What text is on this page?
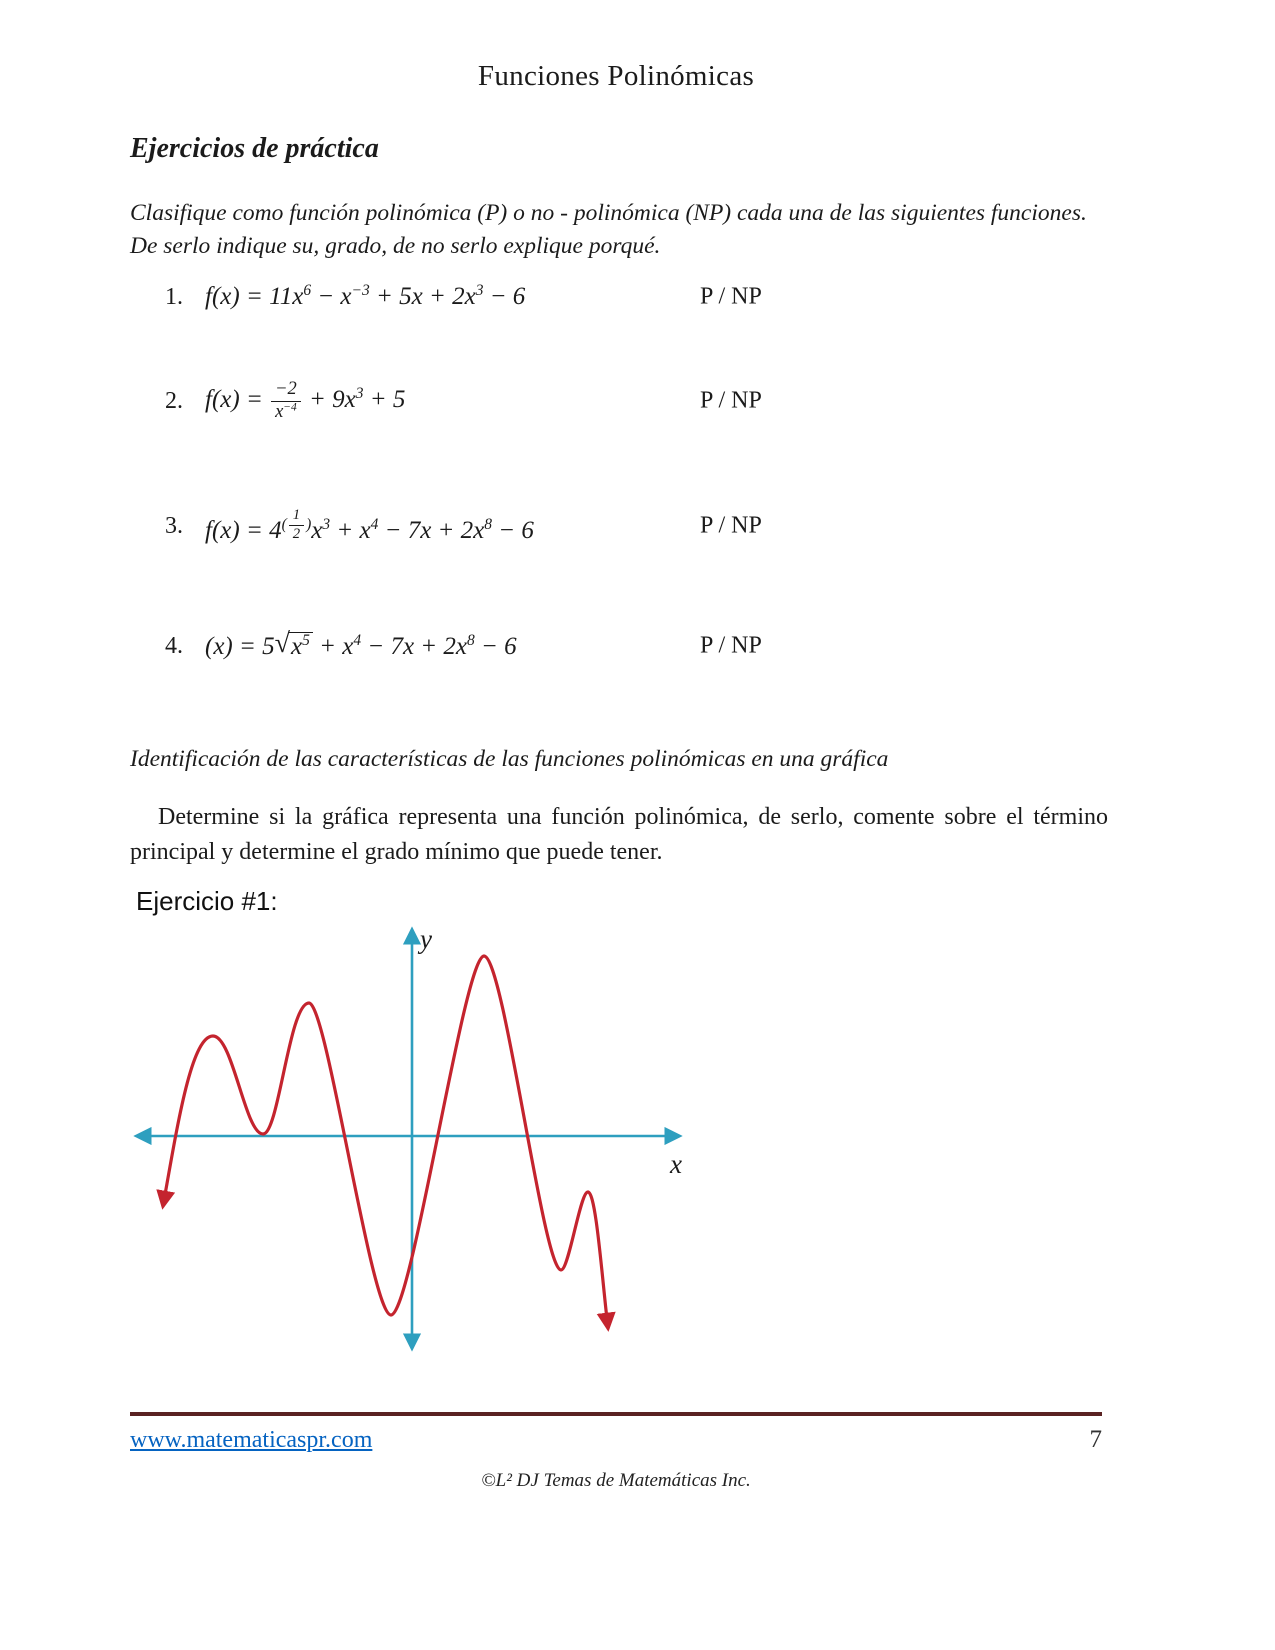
Funciones Polinómicas
Ejercicios de práctica
Clasifique como función polinómica (P) o no - polinómica (NP) cada una de las siguientes funciones.
De serlo indique su, grado, de no serlo explique porqué.
1. $f(x) = 11x^6 - x^{-3} + 5x + 2x^3 - 6$	P / NP
2. $f(x) = \frac{-2}{x^{-4}} + 9x^3 + 5$	P / NP
3. $f(x) = 4^{( \frac{1}{2} )}x^3 + x^4 - 7x + 2x^8 - 6$	P / NP
4. (x) = 5 √ $x^5 + x^4 - 7x + 2x^8 - 6$	P / NP
Identificación de las características de las funciones polinómicas en una gráfica
Determine si la gráfica representa una función polinómica, de serlo, comente sobre el término principal y determine el grado mínimo que puede tener.
Ejercicio #1:
y
x
www.matematicaspr.com	7
©L² DJ Temas de Matemáticas Inc.
